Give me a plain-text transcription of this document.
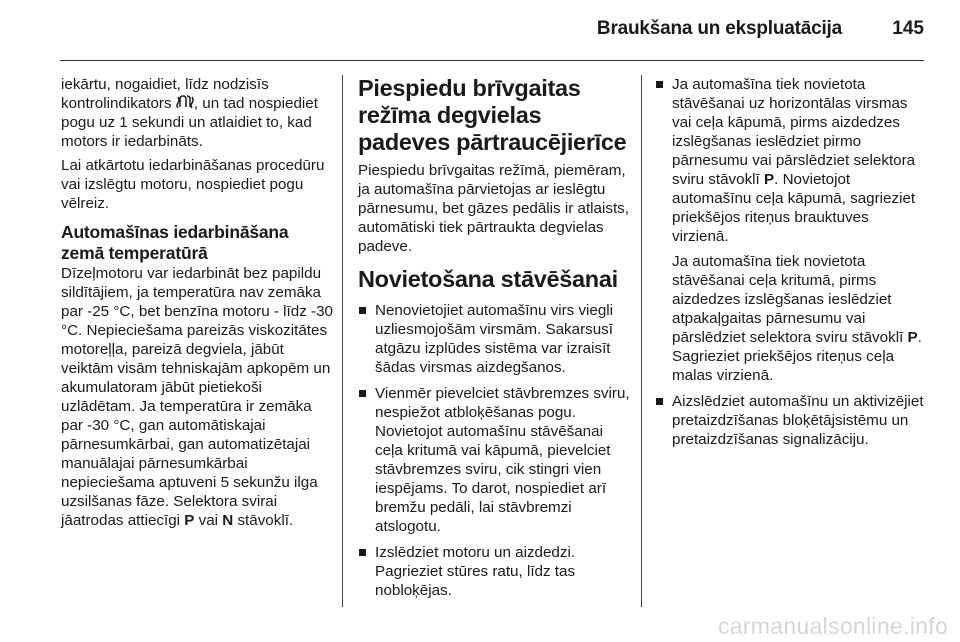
Braukšana un ekspluatācija	145

iekārtu, nogaidiet, līdz nodzisīs kontrolindikators , un tad nospiediet pogu uz 1 sekundi un atlaidiet to, kad motors ir iedarbināts.

Lai atkārtotu iedarbināšanas procedūru vai izslēgtu motoru, nospiediet pogu vēlreiz.

Automašīnas iedarbināšana zemā temperatūrā

Dīzeļmotoru var iedarbināt bez papildu sildītājiem, ja temperatūra nav zemāka par -25 °C, bet benzīna motoru - līdz -30 °C. Nepieciešama pareizās viskozitātes motoreļļa, pareizā degviela, jābūt veiktām visām tehniskajām apkopēm un akumulatoram jābūt pietiekoši uzlādētam. Ja temperatūra ir zemāka par -30 °C, gan automātiskajai pārnesumkārbai, gan automatizētajai manuālajai pārnesumkārbai nepieciešama aptuveni 5 sekunžu ilga uzsilšanas fāze. Selektora svirai jāatrodas attiecīgi P vai N stāvoklī.

Piespiedu brīvgaitas režīma degvielas padeves pārtraucējierīce

Piespiedu brīvgaitas režīmā, piemēram, ja automašīna pārvietojas ar ieslēgtu pārnesumu, bet gāzes pedālis ir atlaists, automātiski tiek pārtraukta degvielas padeve.

Novietošana stāvēšanai
Nenovietojiet automašīnu virs viegli uzliesmojošām virsmām. Sakarsusī atgāzu izplūdes sistēma var izraisīt šādas virsmas aizdegšanos.
Vienmēr pievelciet stāvbremzes sviru, nespiežot atbloķēšanas pogu. Novietojot automašīnu stāvēšanai ceļa kritumā vai kāpumā, pievelciet stāvbremzes sviru, cik stingri vien iespējams. To darot, nospiediet arī bremžu pedāli, lai stāvbremzi atslogotu.
Izslēdziet motoru un aizdedzi. Pagrieziet stūres ratu, līdz tas nobloķējas.

Ja automašīna tiek novietota stāvēšanai uz horizontālas virsmas vai ceļa kāpumā, pirms aizdedzes izslēgšanas ieslēdziet pirmo pārnesumu vai pārslēdziet selektora sviru stāvoklī P. Novietojot automašīnu ceļa kāpumā, sagrieziet priekšējos riteņus brauktuves virzienā.

Ja automašīna tiek novietota stāvēšanai ceļa kritumā, pirms aizdedzes izslēgšanas ieslēdziet atpakaļgaitas pārnesumu vai pārslēdziet selektora sviru stāvoklī P. Sagrieziet priekšējos riteņus ceļa malas virzienā.

Aizslēdziet automašīnu un aktivizējiet pretaizdzīšanas bloķētājsistēmu un pretaizdzīšanas signalizāciju.
carmanualsonline.info
